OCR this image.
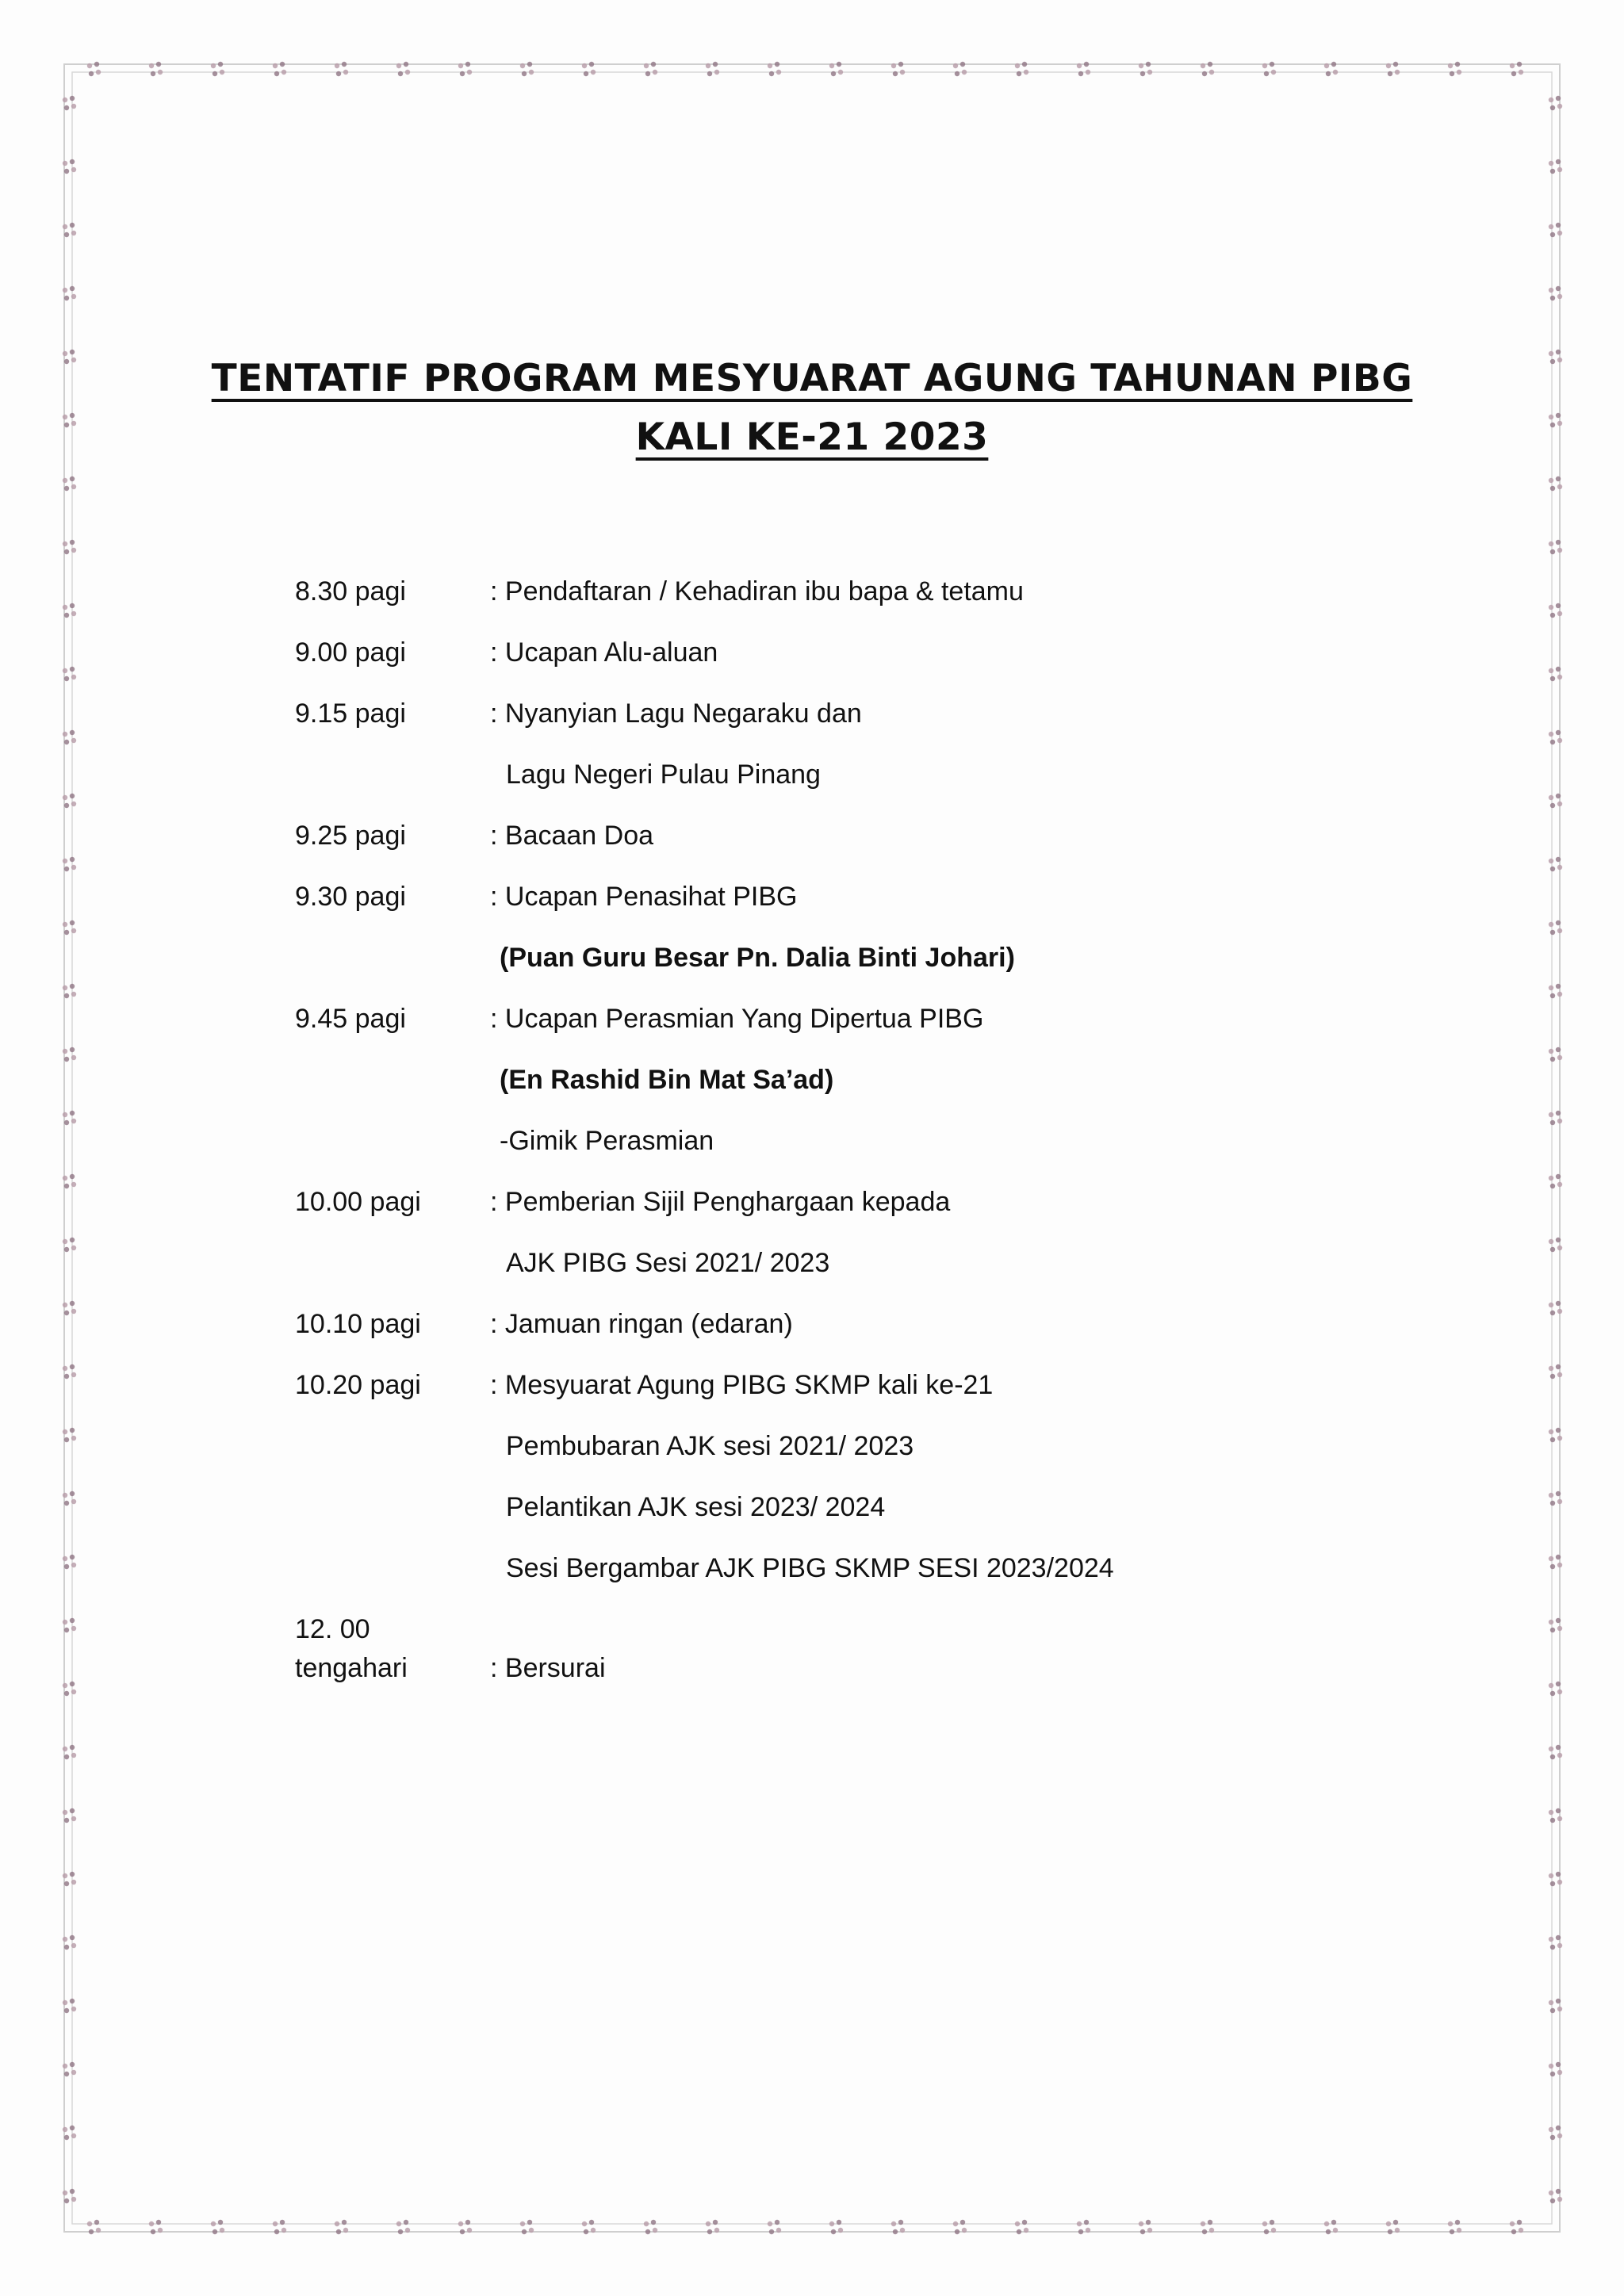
TENTATIF PROGRAM MESYUARAT AGUNG TAHUNAN PIBG
KALI KE-21 2023
8.30 pagi	: Pendaftaran / Kehadiran ibu bapa & tetamu
9.00 pagi	: Ucapan Alu-aluan
9.15 pagi	: Nyanyian Lagu Negaraku dan
Lagu Negeri Pulau Pinang
9.25 pagi	: Bacaan Doa
9.30 pagi	: Ucapan Penasihat PIBG
(Puan Guru Besar Pn. Dalia Binti Johari)
9.45 pagi	: Ucapan Perasmian Yang Dipertua PIBG
(En Rashid Bin Mat Sa’ad)
-Gimik Perasmian
10.00 pagi	: Pemberian Sijil Penghargaan kepada
AJK PIBG Sesi 2021/ 2023
10.10 pagi	: Jamuan ringan (edaran)
10.20 pagi	: Mesyuarat Agung PIBG SKMP kali ke-21
Pembubaran AJK sesi 2021/ 2023
Pelantikan AJK sesi 2023/ 2024
Sesi Bergambar AJK PIBG SKMP SESI 2023/2024
12. 00
tengahari	: Bersurai
